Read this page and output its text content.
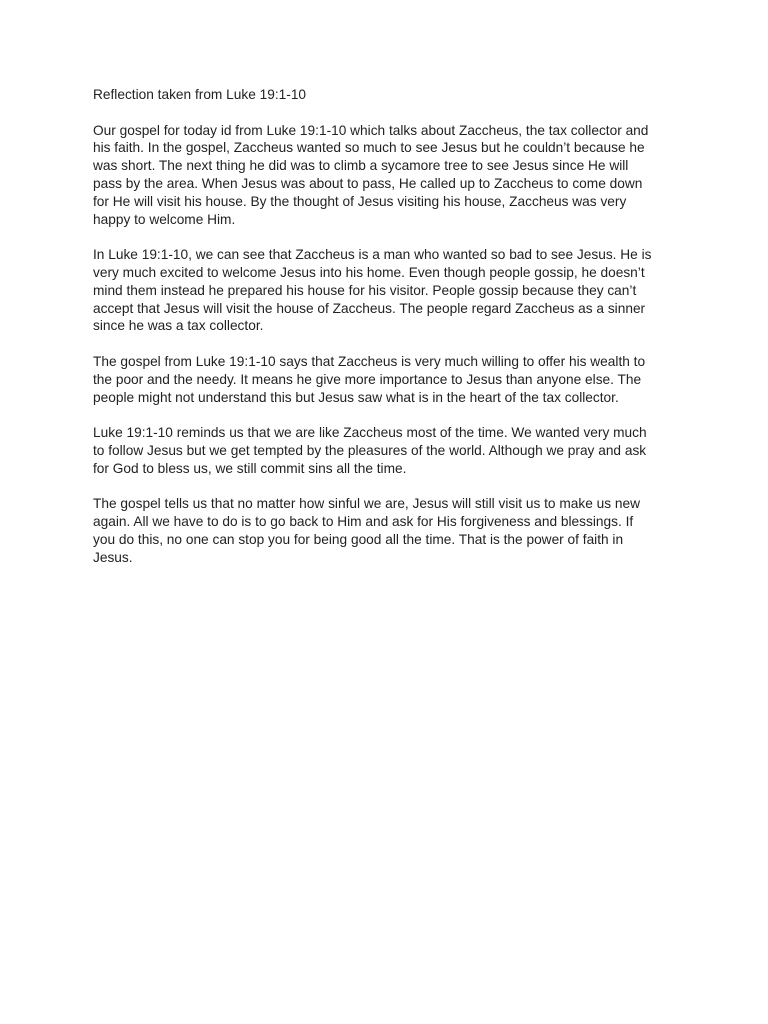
Reflection taken from Luke 19:1-10
Our gospel for today id from Luke 19:1-10 which talks about Zaccheus, the tax collector and
his faith. In the gospel, Zaccheus wanted so much to see Jesus but he couldn’t because he
was short. The next thing he did was to climb a sycamore tree to see Jesus since He will
pass by the area. When Jesus was about to pass, He called up to Zaccheus to come down
for He will visit his house. By the thought of Jesus visiting his house, Zaccheus was very
happy to welcome Him.
In Luke 19:1-10, we can see that Zaccheus is a man who wanted so bad to see Jesus. He is
very much excited to welcome Jesus into his home. Even though people gossip, he doesn’t
mind them instead he prepared his house for his visitor. People gossip because they can’t
accept that Jesus will visit the house of Zaccheus. The people regard Zaccheus as a sinner
since he was a tax collector.
The gospel from Luke 19:1-10 says that Zaccheus is very much willing to offer his wealth to
the poor and the needy. It means he give more importance to Jesus than anyone else. The
people might not understand this but Jesus saw what is in the heart of the tax collector.
Luke 19:1-10 reminds us that we are like Zaccheus most of the time. We wanted very much
to follow Jesus but we get tempted by the pleasures of the world. Although we pray and ask
for God to bless us, we still commit sins all the time.
The gospel tells us that no matter how sinful we are, Jesus will still visit us to make us new
again. All we have to do is to go back to Him and ask for His forgiveness and blessings. If
you do this, no one can stop you for being good all the time. That is the power of faith in
Jesus.
